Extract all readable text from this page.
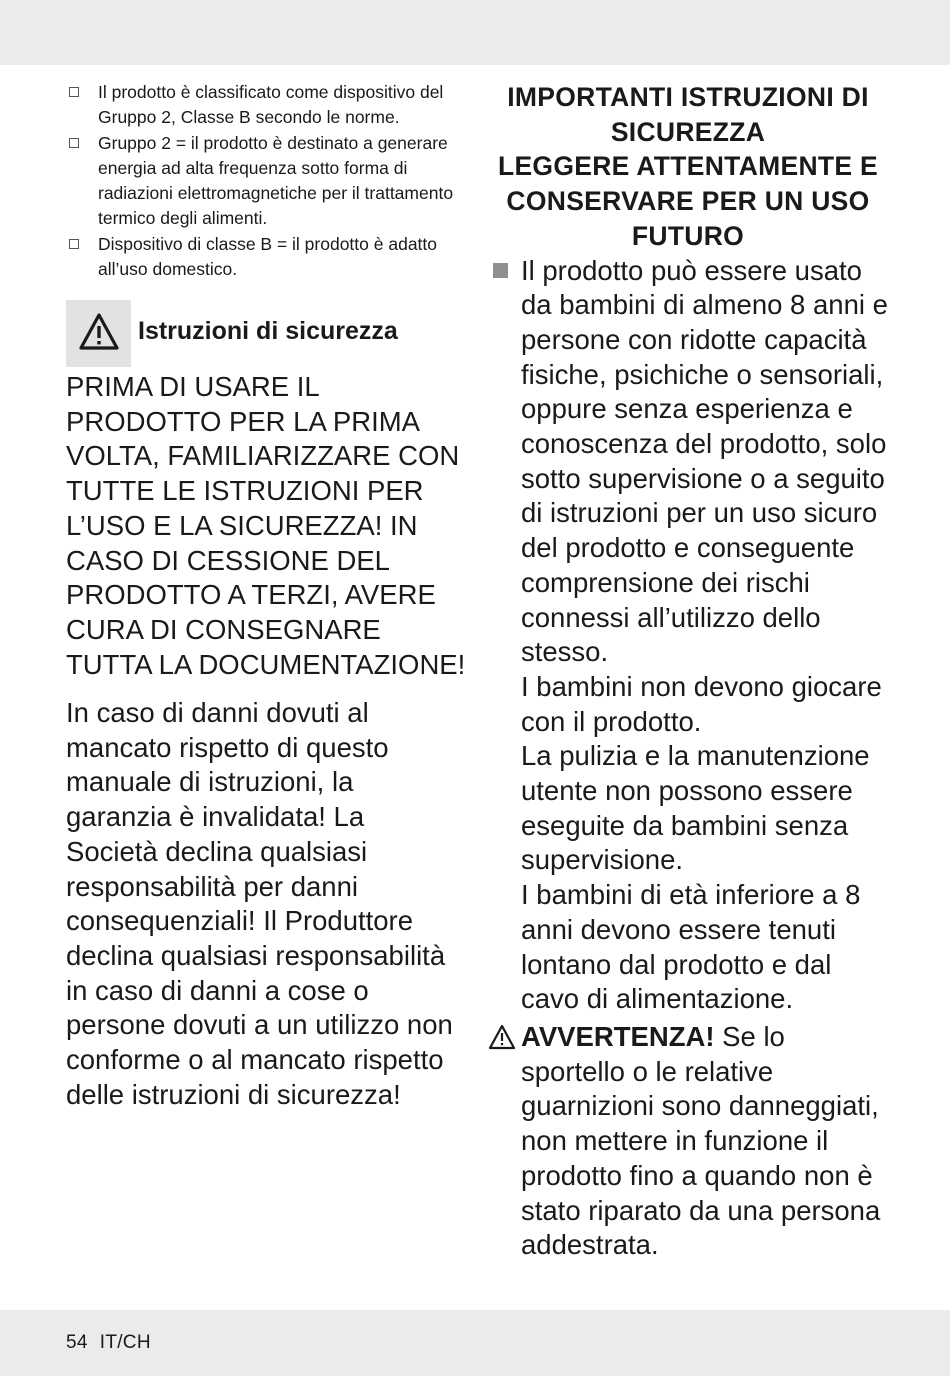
Il prodotto è classificato come dispositivo del Gruppo 2, Classe B secondo le norme.
Gruppo 2 = il prodotto è destinato a generare energia ad alta frequenza sotto forma di radiazioni elettromagnetiche per il trattamento termico degli alimenti.
Dispositivo di classe B = il prodotto è adatto all’uso domestico.
Istruzioni di sicurezza

PRIMA DI USARE IL PRODOTTO PER LA PRIMA VOLTA, FAMILIARIZZARE CON TUTTE LE ISTRUZIONI PER L’USO E LA SICUREZZA! IN CASO DI CESSIONE DEL PRODOTTO A TERZI, AVERE CURA DI CONSEGNARE TUTTA LA DOCUMENTAZIONE!

In caso di danni dovuti al mancato rispetto di questo manuale di istruzioni, la garanzia è invalidata! La Società declina qualsiasi responsabilità per danni consequenziali! Il Produttore declina qualsiasi responsabilità in caso di danni a cose o persone dovuti a un utilizzo non conforme o al mancato rispetto delle istruzioni di sicurezza!

IMPORTANTI ISTRUZIONI DI SICUREZZA
LEGGERE ATTENTAMENTE E CONSERVARE PER UN USO FUTURO

Il prodotto può essere usato da bambini di almeno 8 anni e persone con ridotte capacità fisiche, psichiche o sensoriali, oppure senza esperienza e conoscenza del prodotto, solo sotto supervisione o a seguito di istruzioni per un uso sicuro del prodotto e conseguente comprensione dei rischi connessi all’utilizzo dello stesso.

I bambini non devono giocare con il prodotto.

La pulizia e la manutenzione utente non possono essere eseguite da bambini senza supervisione.

I bambini di età inferiore a 8 anni devono essere tenuti lontano dal prodotto e dal cavo di alimentazione.

AVVERTENZA! Se lo sportello o le relative guarnizioni sono danneggiati, non mettere in funzione il prodotto fino a quando non è stato riparato da una persona addestrata.

54 IT/CH
